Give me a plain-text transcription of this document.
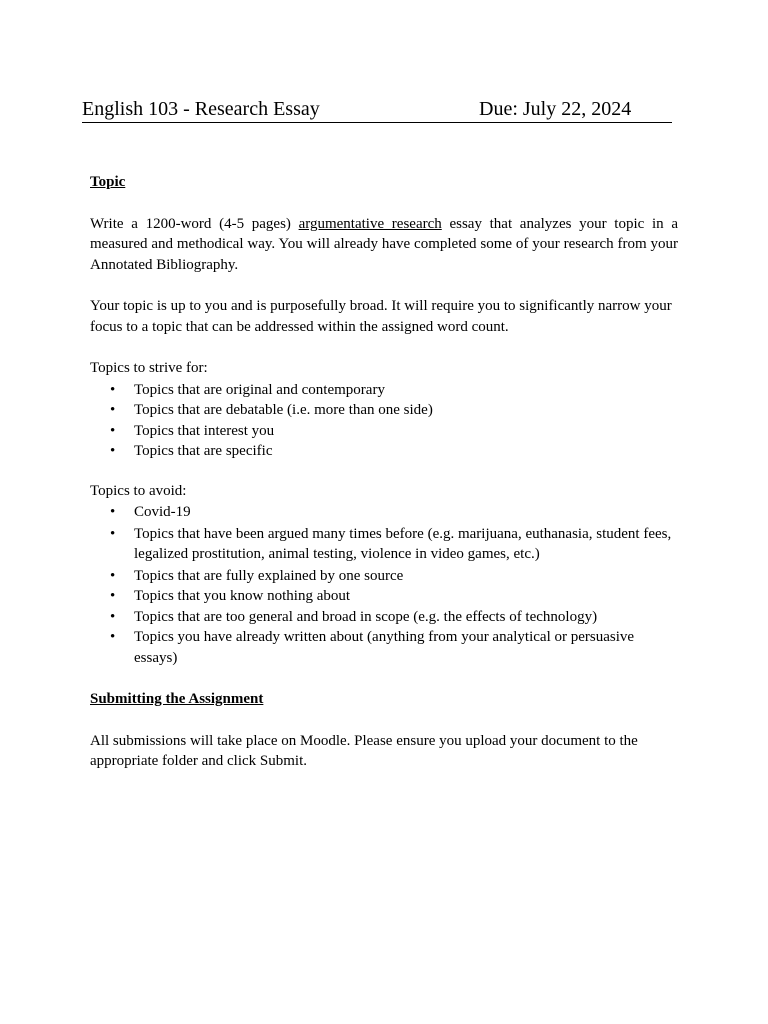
English 103 - Research Essay	Due: July 22, 2024

Topic

Write a 1200-word (4-5 pages) argumentative research essay that analyzes your topic in a measured and methodical way. You will already have completed some of your research from your Annotated Bibliography.

Your topic is up to you and is purposefully broad. It will require you to significantly narrow your focus to a topic that can be addressed within the assigned word count.

Topics to strive for:

• Topics that are original and contemporary
• Topics that are debatable (i.e. more than one side)
• Topics that interest you
• Topics that are specific

Topics to avoid:

• Covid-19
• Topics that have been argued many times before (e.g. marijuana, euthanasia, student fees, legalized prostitution, animal testing, violence in video games, etc.)
• Topics that are fully explained by one source
• Topics that you know nothing about
• Topics that are too general and broad in scope (e.g. the effects of technology)
• Topics you have already written about (anything from your analytical or persuasive essays)

Submitting the Assignment

All submissions will take place on Moodle. Please ensure you upload your document to the appropriate folder and click Submit.
